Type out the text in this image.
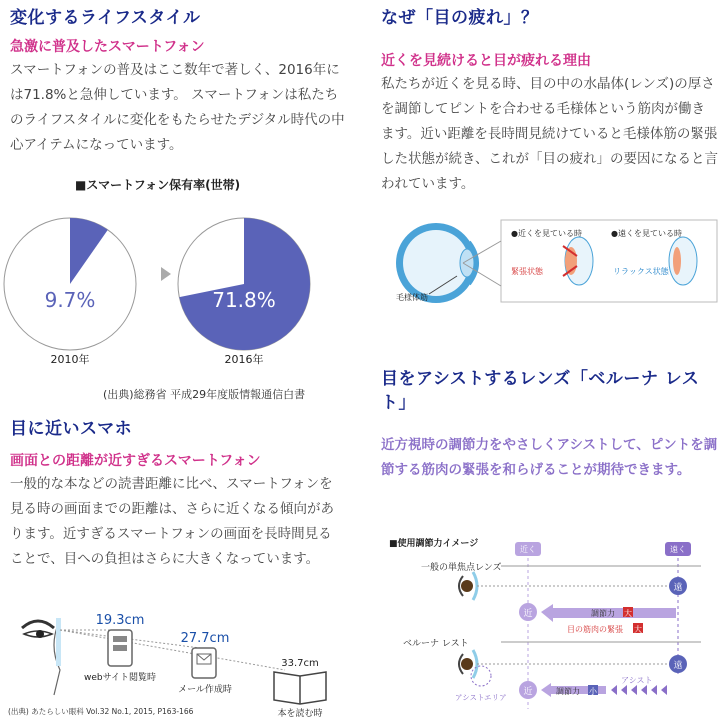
変化するライフスタイル
急激に普及したスマートフォン
スマートフォンの普及はここ数年で著しく、2016年には71.8%と急伸しています。 スマートフォンは私たちのライフスタイルに変化をもたらせたデジタル時代の中心アイテムになっています。
■スマートフォン保有率(世帯)
9.7%
2010年
71.8%
2016年
(出典)総務省 平成29年度版情報通信白書
目に近いスマホ
画面との距離が近すぎるスマートフォン
一般的な本などの読書距離に比べ、スマートフォンを見る時の画面までの距離は、さらに近くなる傾向があります。近すぎるスマートフォンの画面を長時間見ることで、目への負担はさらに大きくなっています。
19.3cm
webサイト閲覧時
27.7cm
メール作成時
33.7cm
本を読む時
(出典) あたらしい眼科 Vol.32 No.1, 2015, P163-166
なぜ「目の疲れ」？
近くを見続けると目が疲れる理由
私たちが近くを見る時、目の中の水晶体(レンズ)の厚さを調節してピントを合わせる毛様体という筋肉が働きます。近い距離を長時間見続けていると毛様体筋の緊張した状態が続き、これが「目の疲れ」の要因になると言われています。
毛様体筋
●近くを見ている時
緊張状態
●遠くを見ている時
リラックス状態
目をアシストするレンズ「ベルーナ レスト」
近方視時の調節力をやさしくアシストして、ピントを調節する筋肉の緊張を和らげることが期待できます。
■使用調節力イメージ
近く	遠く
一般の単焦点レンズ
遠
近	調節力 大
目の筋肉の緊張 大
ベルーナ レスト
遠
近	調節力 小
アシスト
アシストエリア
